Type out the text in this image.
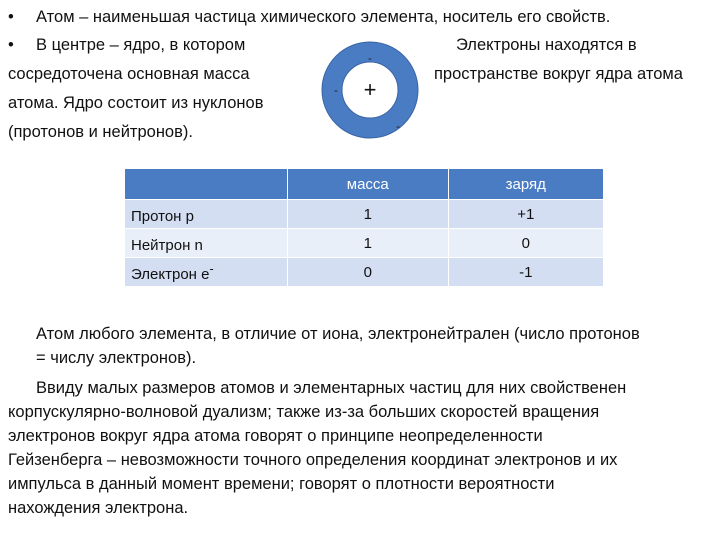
• Атом – наименьшая частица химического элемента, носитель его свойств.
• В центре – ядро, в котором
сосредоточена основная масса
атома. Ядро состоит из нуклонов
(протонов и нейтронов).
Электроны находятся в
пространстве вокруг ядра атома
+
-
-
-
	масса	заряд
Протон p	1	+1
Нейтрон n	1	0
Электрон e-	0	-1
Атом любого элемента, в отличие от иона, электронейтрален (число протонов
= числу электронов).
Ввиду малых размеров атомов и элементарных частиц для них свойственен
корпускулярно-волновой дуализм; также из-за больших скоростей вращения
электронов вокруг ядра атома говорят о принципе неопределенности
Гейзенберга – невозможности точного определения координат электронов и их
импульса в данный момент времени; говорят о плотности вероятности
нахождения электрона.
